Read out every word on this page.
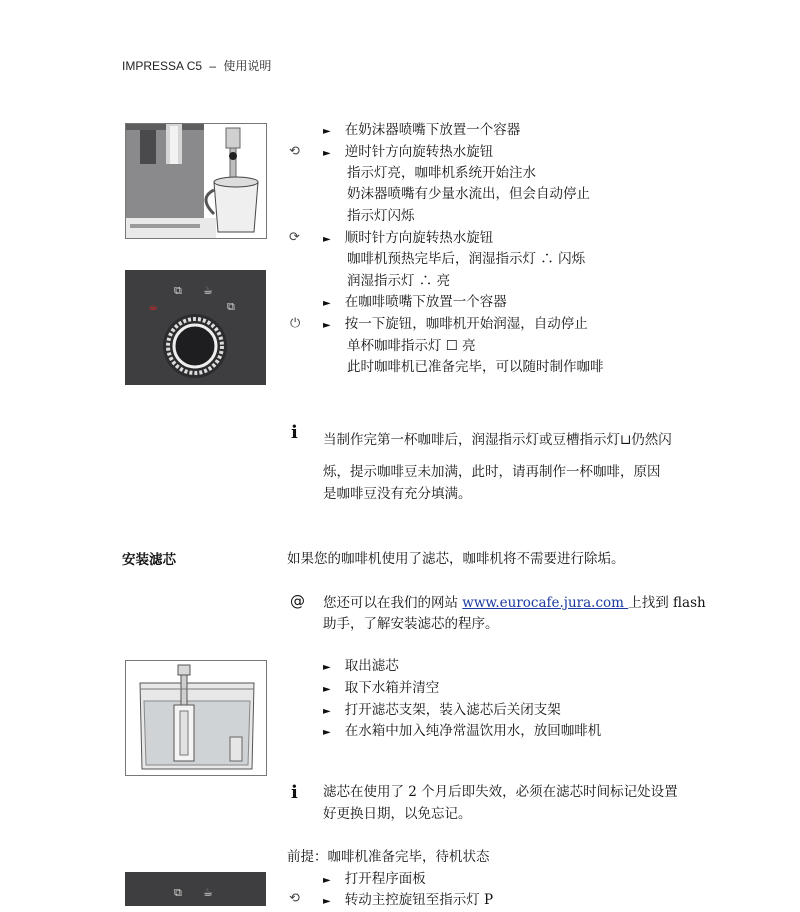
IMPRESSA C5 – 使用说明
⧉ ☕
☕	⧉
⟲
⟳
⏻
► 在奶沫器喷嘴下放置一个容器
► 逆时针方向旋转热水旋钮
指示灯亮，咖啡机系统开始注水
奶沫器喷嘴有少量水流出，但会自动停止
指示灯闪烁
► 顺时针方向旋转热水旋钮
咖啡机预热完毕后，润湿指示灯 ∴ 闪烁
润湿指示灯 ∴ 亮
► 在咖啡喷嘴下放置一个容器
► 按一下旋钮，咖啡机开始润湿，自动停止
单杯咖啡指示灯 ☐ 亮
此时咖啡机已准备完毕，可以随时制作咖啡
i 当制作完第一杯咖啡后，润湿指示灯或豆槽指示灯⊔仍然闪
烁，提示咖啡豆未加满，此时，请再制作一杯咖啡，原因
是咖啡豆没有充分填满。
安装滤芯	如果您的咖啡机使用了滤芯，咖啡机将不需要进行除垢。
@ 您还可以在我们的网站 www.eurocafe.jura.com 上找到 flash
助手，了解安装滤芯的程序。
► 取出滤芯
► 取下水箱并清空
► 打开滤芯支架，装入滤芯后关闭支架
► 在水箱中加入纯净常温饮用水，放回咖啡机
i 滤芯在使用了 2 个月后即失效，必须在滤芯时间标记处设置
好更换日期，以免忘记。
前提：咖啡机准备完毕，待机状态
⧉ ☕
► 打开程序面板
⟲ ► 转动主控旋钮至指示灯 P
